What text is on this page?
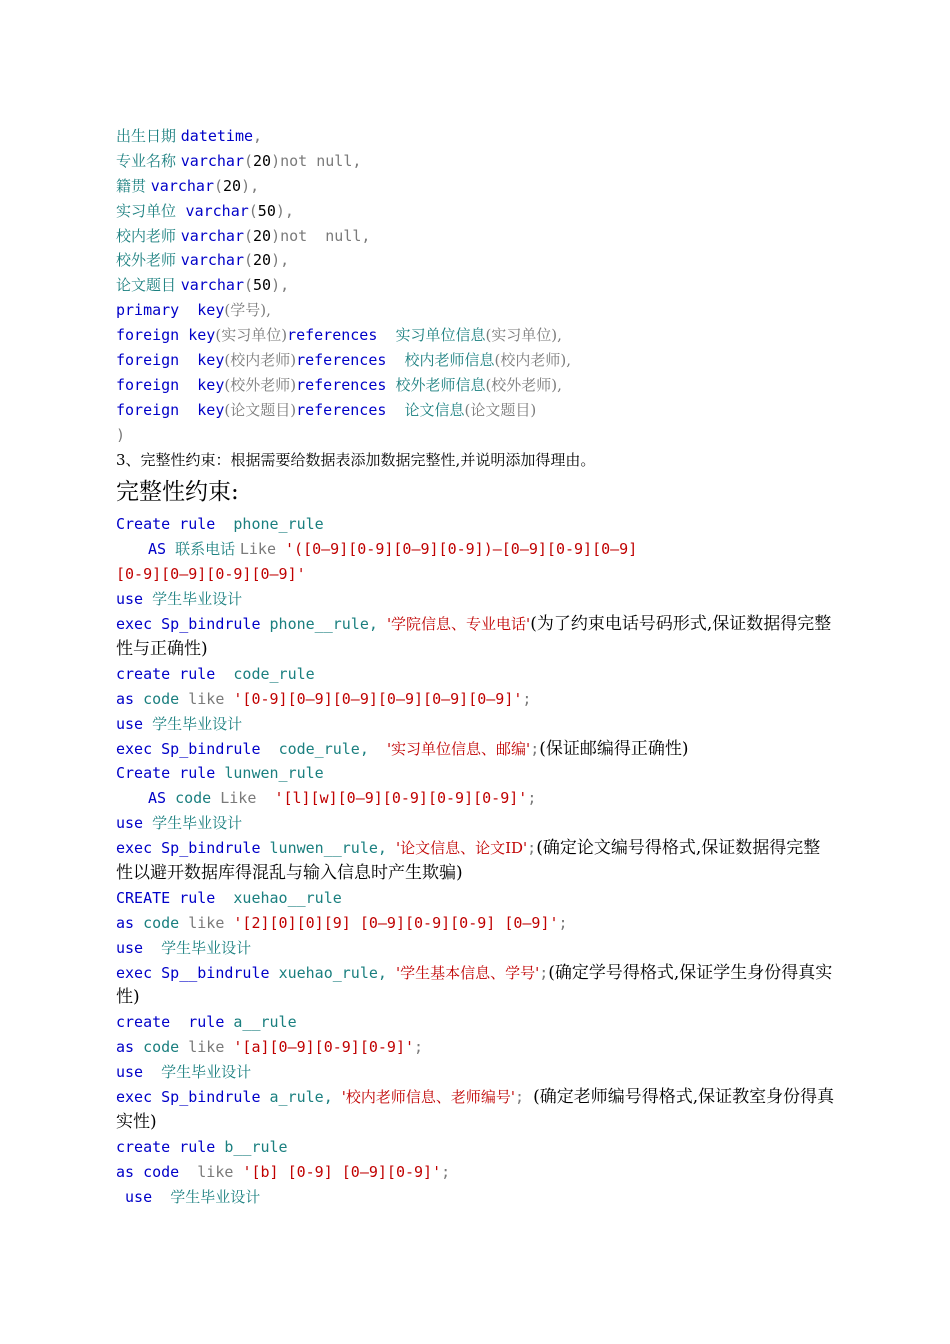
出生日期 datetime,
专业名称 varchar(20)not null,
籍贯 varchar(20),
实习单位  varchar(50),
校内老师 varchar(20)not  null,
校外老师 varchar(20),
论文题目 varchar(50),
primary  key(学号),
foreign key(实习单位)references  实习单位信息(实习单位),
foreign  key(校内老师)references  校内老师信息(校内老师),
foreign  key(校外老师)references 校外老师信息(校外老师),
foreign  key(论文题目)references  论文信息(论文题目)
)
3、完整性约束：根据需要给数据表添加数据完整性,并说明添加得理由。
完整性约束:
Create rule  phone_rule
AS 联系电话 Like '([0—9][0-9][0—9][0-9])—[0—9][0-9][0—9]
[0-9][0—9][0-9][0—9]'
use 学生毕业设计
exec Sp_bindrule phone__rule, '学院信息、专业电话'(为了约束电话号码形式,保证数据得完整性与正确性)
create rule  code_rule
as code like '[0-9][0—9][0—9][0—9][0—9][0—9]';
use 学生毕业设计
exec Sp_bindrule  code_rule,  '实习单位信息、邮编';(保证邮编得正确性)
Create rule lunwen_rule
AS code Like  '[l][w][0—9][0-9][0-9][0-9]';
use 学生毕业设计
exec Sp_bindrule lunwen__rule, '论文信息、论文ID';(确定论文编号得格式,保证数据得完整性以避开数据库得混乱与输入信息时产生欺骗)
CREATE rule  xuehao__rule
as code like '[2][0][0][9] [0—9][0-9][0-9] [0—9]';
use  学生毕业设计
exec Sp__bindrule xuehao_rule, '学生基本信息、学号';(确定学号得格式,保证学生身份得真实性)
create  rule a__rule
as code like '[a][0—9][0-9][0-9]';
use  学生毕业设计
exec Sp_bindrule a_rule, '校内老师信息、老师编号'; (确定老师编号得格式,保证教室身份得真实性)
create rule b__rule
as code  like '[b] [0-9] [0—9][0-9]';
use  学生毕业设计
